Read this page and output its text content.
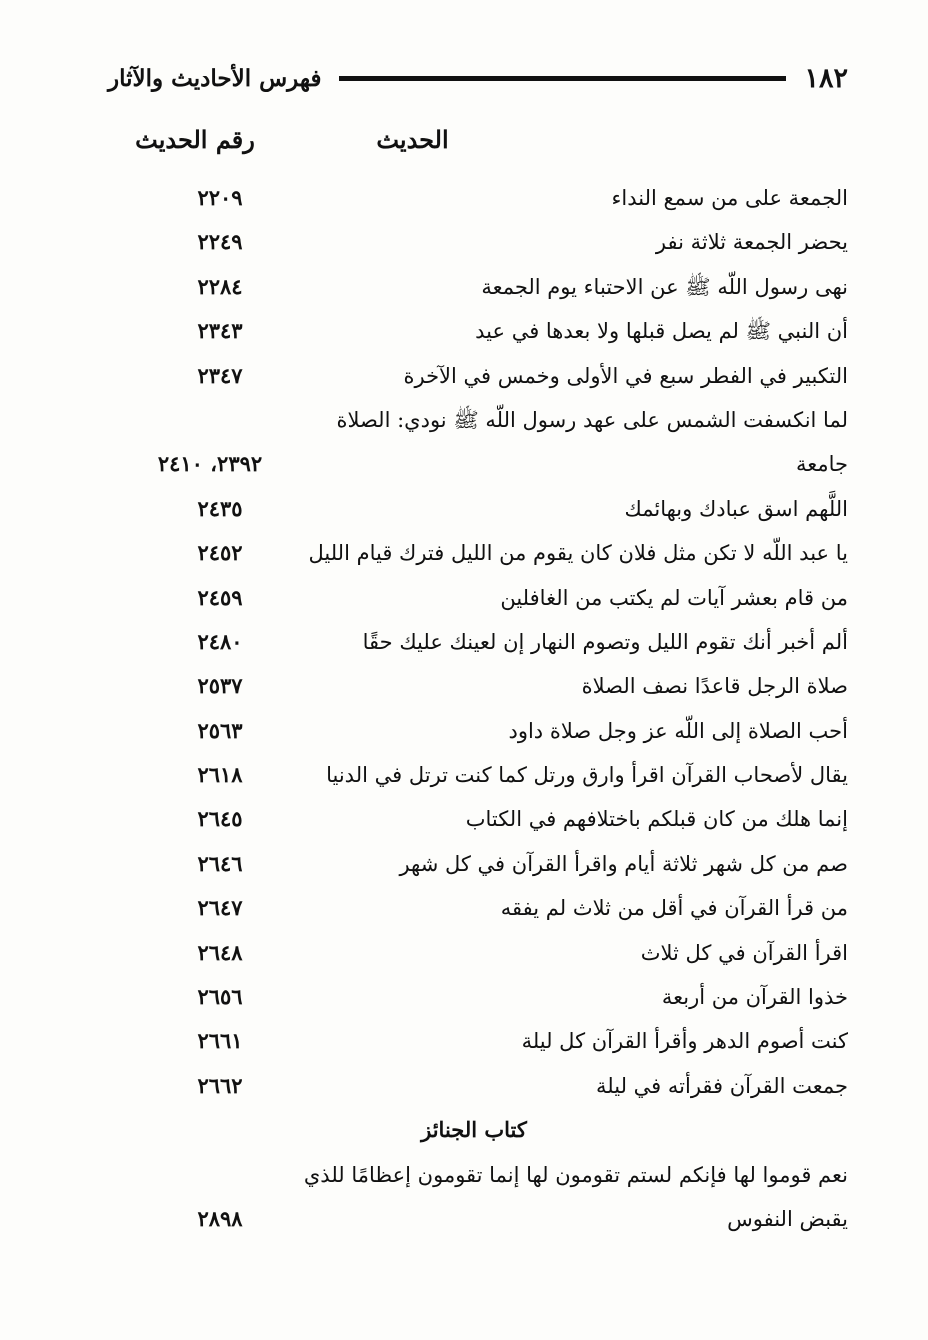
١٨٢
فهرس الأحاديث والآثار
الحديث
رقم الحديث
الجمعة على من سمع النداء
٢٢٠٩
يحضر الجمعة ثلاثة نفر
٢٢٤٩
نهى رسول اللّه ﷺ عن الاحتباء يوم الجمعة
٢٢٨٤
أن النبي ﷺ لم يصل قبلها ولا بعدها في عيد
٢٣٤٣
التكبير في الفطر سبع في الأولى وخمس في الآخرة
٢٣٤٧
لما انكسفت الشمس على عهد رسول اللّه ﷺ نودي: الصلاة
جامعة
٢٣٩٢، ٢٤١٠
اللَّهم اسق عبادك وبهائمك
٢٤٣٥
يا عبد اللّه لا تكن مثل فلان كان يقوم من الليل فترك قيام الليل
٢٤٥٢
من قام بعشر آيات لم يكتب من الغافلين
٢٤٥٩
ألم أخبر أنك تقوم الليل وتصوم النهار إن لعينك عليك حقًا
٢٤٨٠
صلاة الرجل قاعدًا نصف الصلاة
٢٥٣٧
أحب الصلاة إلى اللّه عز وجل صلاة داود
٢٥٦٣
يقال لأصحاب القرآن اقرأ وارق ورتل كما كنت ترتل في الدنيا
٢٦١٨
إنما هلك من كان قبلكم باختلافهم في الكتاب
٢٦٤٥
صم من كل شهر ثلاثة أيام واقرأ القرآن في كل شهر
٢٦٤٦
من قرأ القرآن في أقل من ثلاث لم يفقه
٢٦٤٧
اقرأ القرآن في كل ثلاث
٢٦٤٨
خذوا القرآن من أربعة
٢٦٥٦
كنت أصوم الدهر وأقرأ القرآن كل ليلة
٢٦٦١
جمعت القرآن فقرأته في ليلة
٢٦٦٢
كتاب الجنائز
نعم قوموا لها فإنكم لستم تقومون لها إنما تقومون إعظامًا للذي
يقبض النفوس
٢٨٩٨
